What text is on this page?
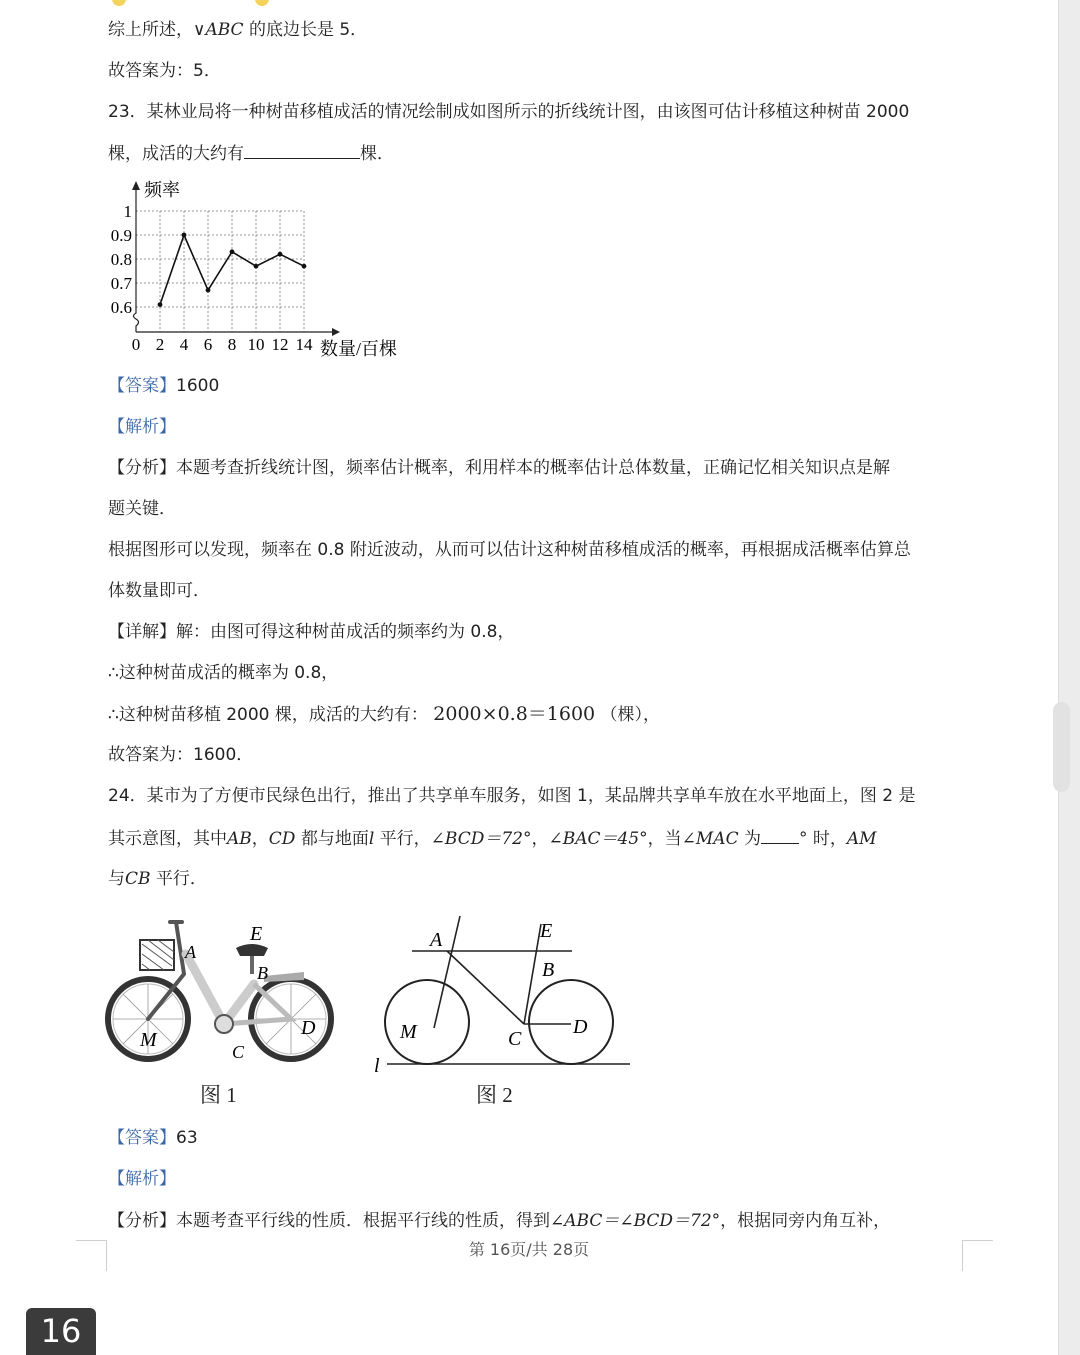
综上所述，∨ABC 的底边长是 5．
故答案为：5．
23．某林业局将一种树苗移植成活的情况绘制成如图所示的折线统计图，由该图可估计移植这种树苗 2000
棵，成活的大约有	棵．
0.6
0.7
0.8
0.9
1
0 2 4 6 8 10 12 14
频率
数量/百棵
【答案】1600
【解析】
【分析】本题考查折线统计图，频率估计概率，利用样本的概率估计总体数量，正确记忆相关知识点是解
题关键．
根据图形可以发现，频率在 0.8 附近波动，从而可以估计这种树苗移植成活的概率，再根据成活概率估算总
体数量即可．
【详解】解：由图可得这种树苗成活的频率约为 0.8，
∴这种树苗成活的概率为 0.8，
∴这种树苗移植 2000 棵，成活的大约有： 2000×0.8＝1600 （棵），
故答案为：1600．
24．某市为了方便市民绿色出行，推出了共享单车服务，如图 1，某品牌共享单车放在水平地面上，图 2 是
其示意图，其中AB，CD 都与地面l 平行，∠BCD＝72°，∠BAC＝45°，当∠MAC 为 ° 时，AM
与CB 平行．
A
E
B
M
C
D
图 1
A	E
B
M	C
D
l
图 2
【答案】63
【解析】
【分析】本题考查平行线的性质．根据平行线的性质，得到∠ABC＝∠BCD＝72°，根据同旁内角互补，
第 16页/共 28页
16
